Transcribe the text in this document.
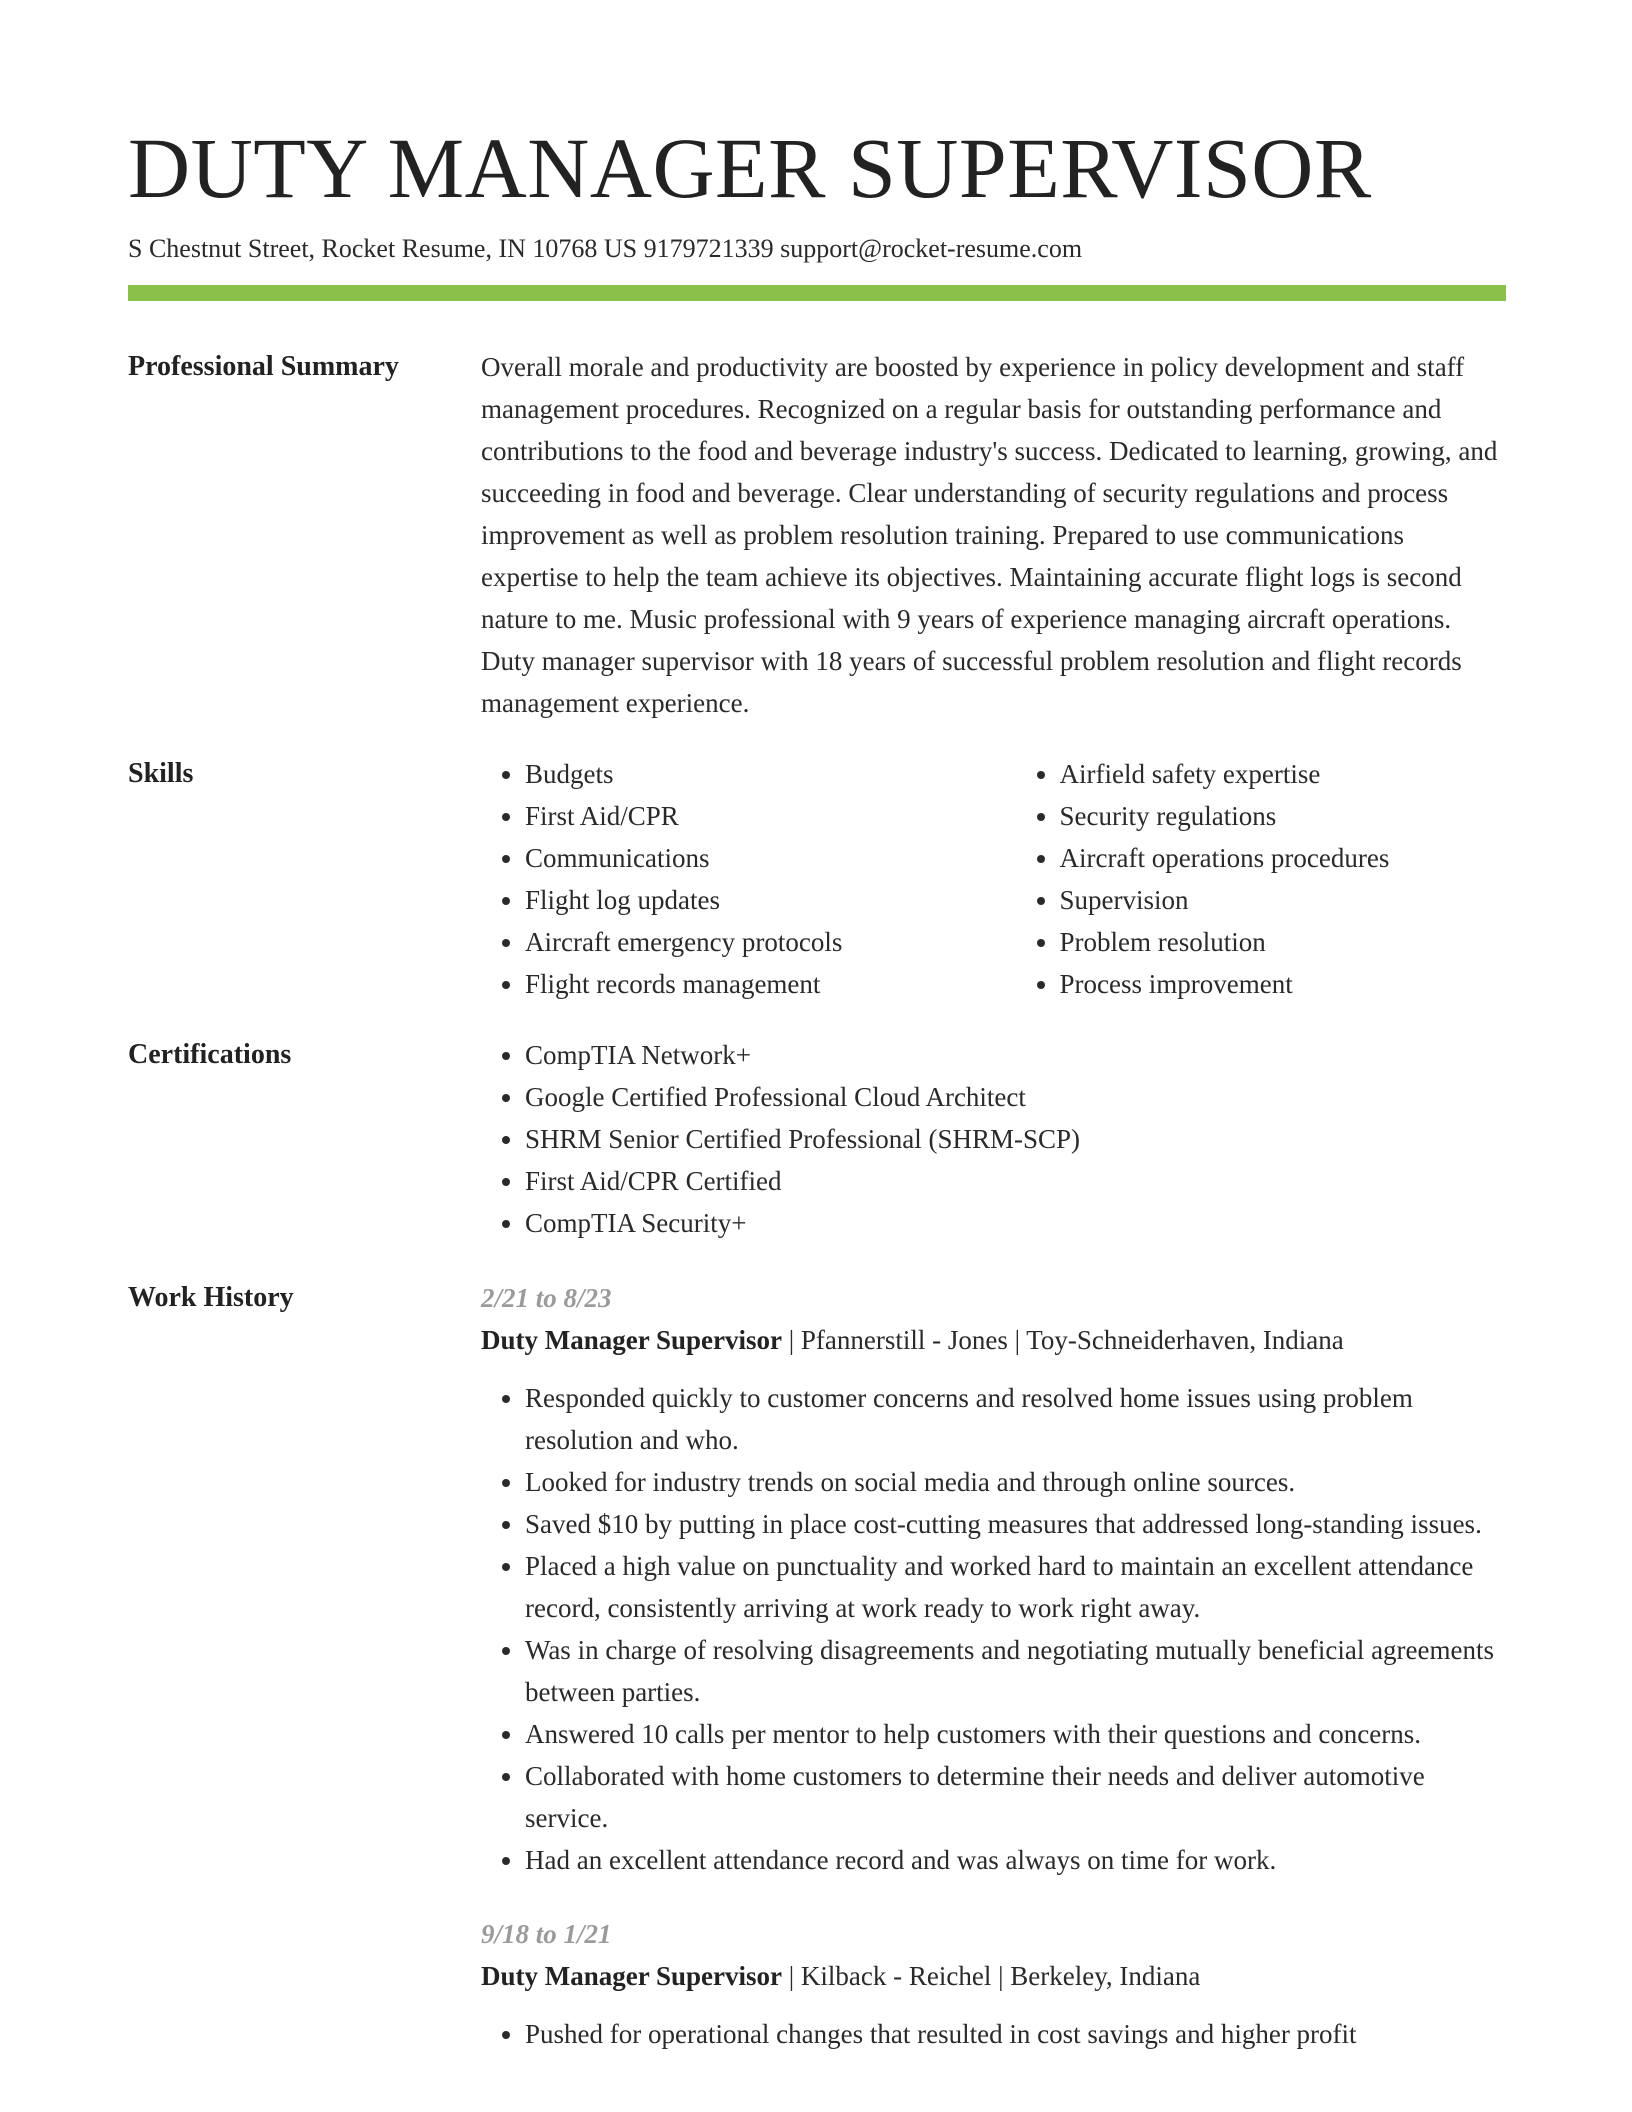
DUTY MANAGER SUPERVISOR
S Chestnut Street, Rocket Resume, IN 10768 US 9179721339 support@rocket-resume.com
Professional Summary	Overall morale and productivity are boosted by experience in policy development and staff management procedures. Recognized on a regular basis for outstanding performance and contributions to the food and beverage industry's success. Dedicated to learning, growing, and succeeding in food and beverage. Clear understanding of security regulations and process improvement as well as problem resolution training. Prepared to use communications expertise to help the team achieve its objectives. Maintaining accurate flight logs is second nature to me. Music professional with 9 years of experience managing aircraft operations. Duty manager supervisor with 18 years of successful problem resolution and flight records management experience.

Skills	• Budgets
• First Aid/CPR
• Communications
• Flight log updates
• Aircraft emergency protocols
• Flight records management
• Airfield safety expertise
• Security regulations
• Aircraft operations procedures
• Supervision
• Problem resolution
• Process improvement
Certifications	• CompTIA Network+
• Google Certified Professional Cloud Architect
• SHRM Senior Certified Professional (SHRM-SCP)
• First Aid/CPR Certified
• CompTIA Security+
Work History	2/21 to 8/23
Duty Manager Supervisor | Pfannerstill - Jones | Toy-Schneiderhaven, Indiana
• Responded quickly to customer concerns and resolved home issues using problem resolution and who.
• Looked for industry trends on social media and through online sources.
• Saved $10 by putting in place cost-cutting measures that addressed long-standing issues.
• Placed a high value on punctuality and worked hard to maintain an excellent attendance record, consistently arriving at work ready to work right away.
• Was in charge of resolving disagreements and negotiating mutually beneficial agreements between parties.
• Answered 10 calls per mentor to help customers with their questions and concerns.
• Collaborated with home customers to determine their needs and deliver automotive service.
• Had an excellent attendance record and was always on time for work.
9/18 to 1/21
Duty Manager Supervisor | Kilback - Reichel | Berkeley, Indiana
• Pushed for operational changes that resulted in cost savings and higher profit
